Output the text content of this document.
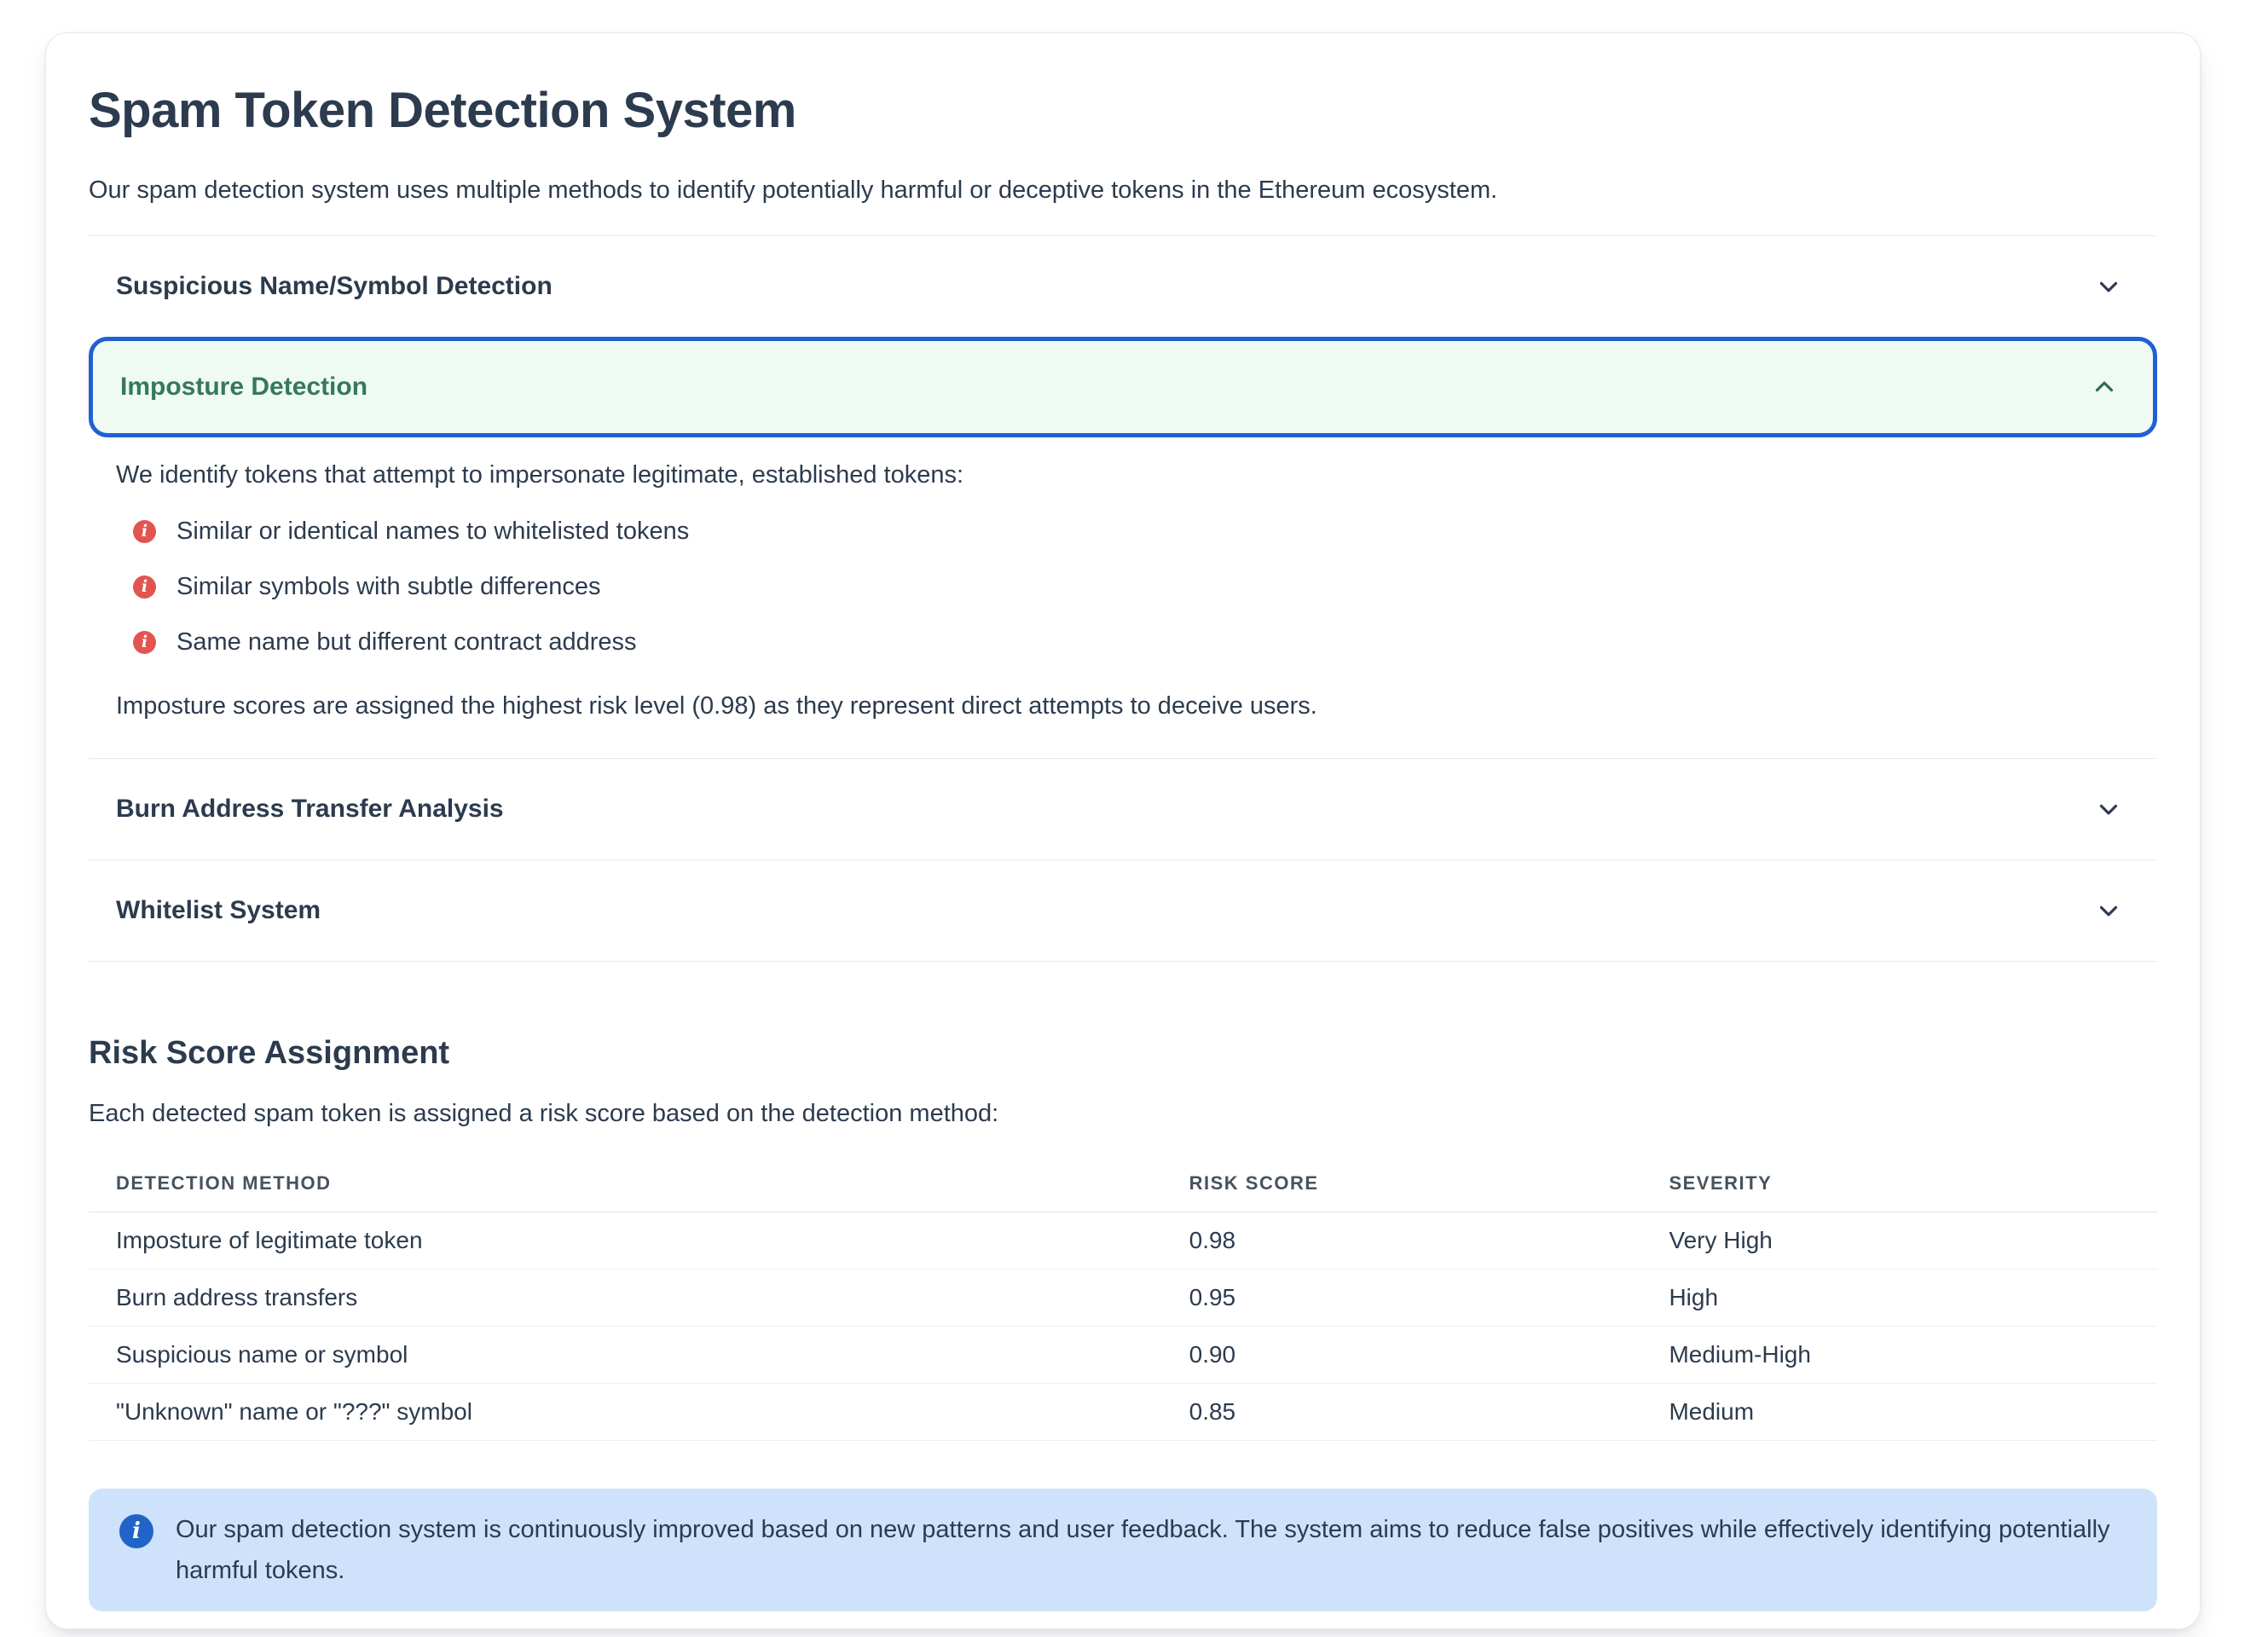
Spam Token Detection System

Our spam detection system uses multiple methods to identify potentially harmful or deceptive tokens in the Ethereum ecosystem.

Suspicious Name/Symbol Detection
Imposture Detection

We identify tokens that attempt to impersonate legitimate, established tokens:

i	Similar or identical names to whitelisted tokens
i	Similar symbols with subtle differences
i	Same name but different contract address

Imposture scores are assigned the highest risk level (0.98) as they represent direct attempts to deceive users.

Burn Address Transfer Analysis
Whitelist System
Risk Score Assignment

Each detected spam token is assigned a risk score based on the detection method:

DETECTION METHOD	RISK SCORE	SEVERITY
Imposture of legitimate token	0.98	Very High
Burn address transfers	0.95	High
Suspicious name or symbol	0.90	Medium-High
"Unknown" name or "???" symbol	0.85	Medium
i	Our spam detection system is continuously improved based on new patterns and user feedback. The system aims to reduce false positives while effectively identifying potentially harmful tokens.
